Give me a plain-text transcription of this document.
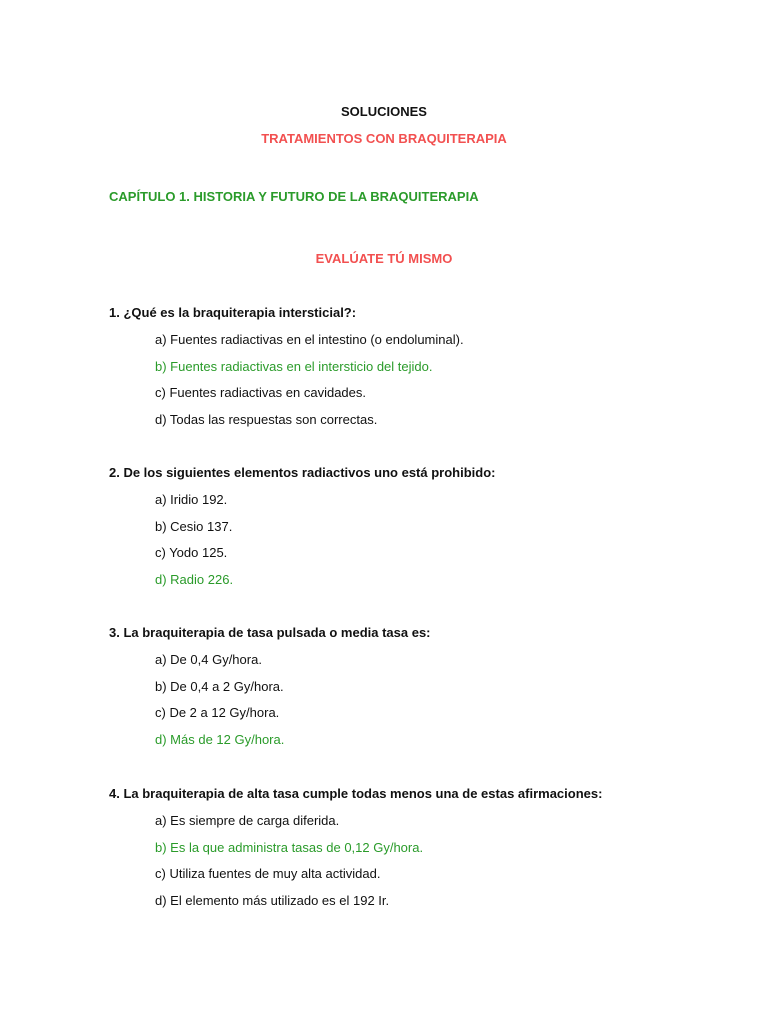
SOLUCIONES
TRATAMIENTOS CON BRAQUITERAPIA
CAPÍTULO 1. HISTORIA Y FUTURO DE LA BRAQUITERAPIA
EVALÚATE TÚ MISMO
1. ¿Qué es la braquiterapia intersticial?:
a) Fuentes radiactivas en el intestino (o endoluminal).
b) Fuentes radiactivas en el intersticio del tejido.
c) Fuentes radiactivas en cavidades.
d) Todas las respuestas son correctas.
2. De los siguientes elementos radiactivos uno está prohibido:
a) Iridio 192.
b) Cesio 137.
c) Yodo 125.
d) Radio 226.
3. La braquiterapia de tasa pulsada o media tasa es:
a) De 0,4 Gy/hora.
b) De 0,4 a 2 Gy/hora.
c) De 2 a 12 Gy/hora.
d) Más de 12 Gy/hora.
4. La braquiterapia de alta tasa cumple todas menos una de estas afirmaciones:
a) Es siempre de carga diferida.
b) Es la que administra tasas de 0,12 Gy/hora.
c) Utiliza fuentes de muy alta actividad.
d) El elemento más utilizado es el 192 Ir.
